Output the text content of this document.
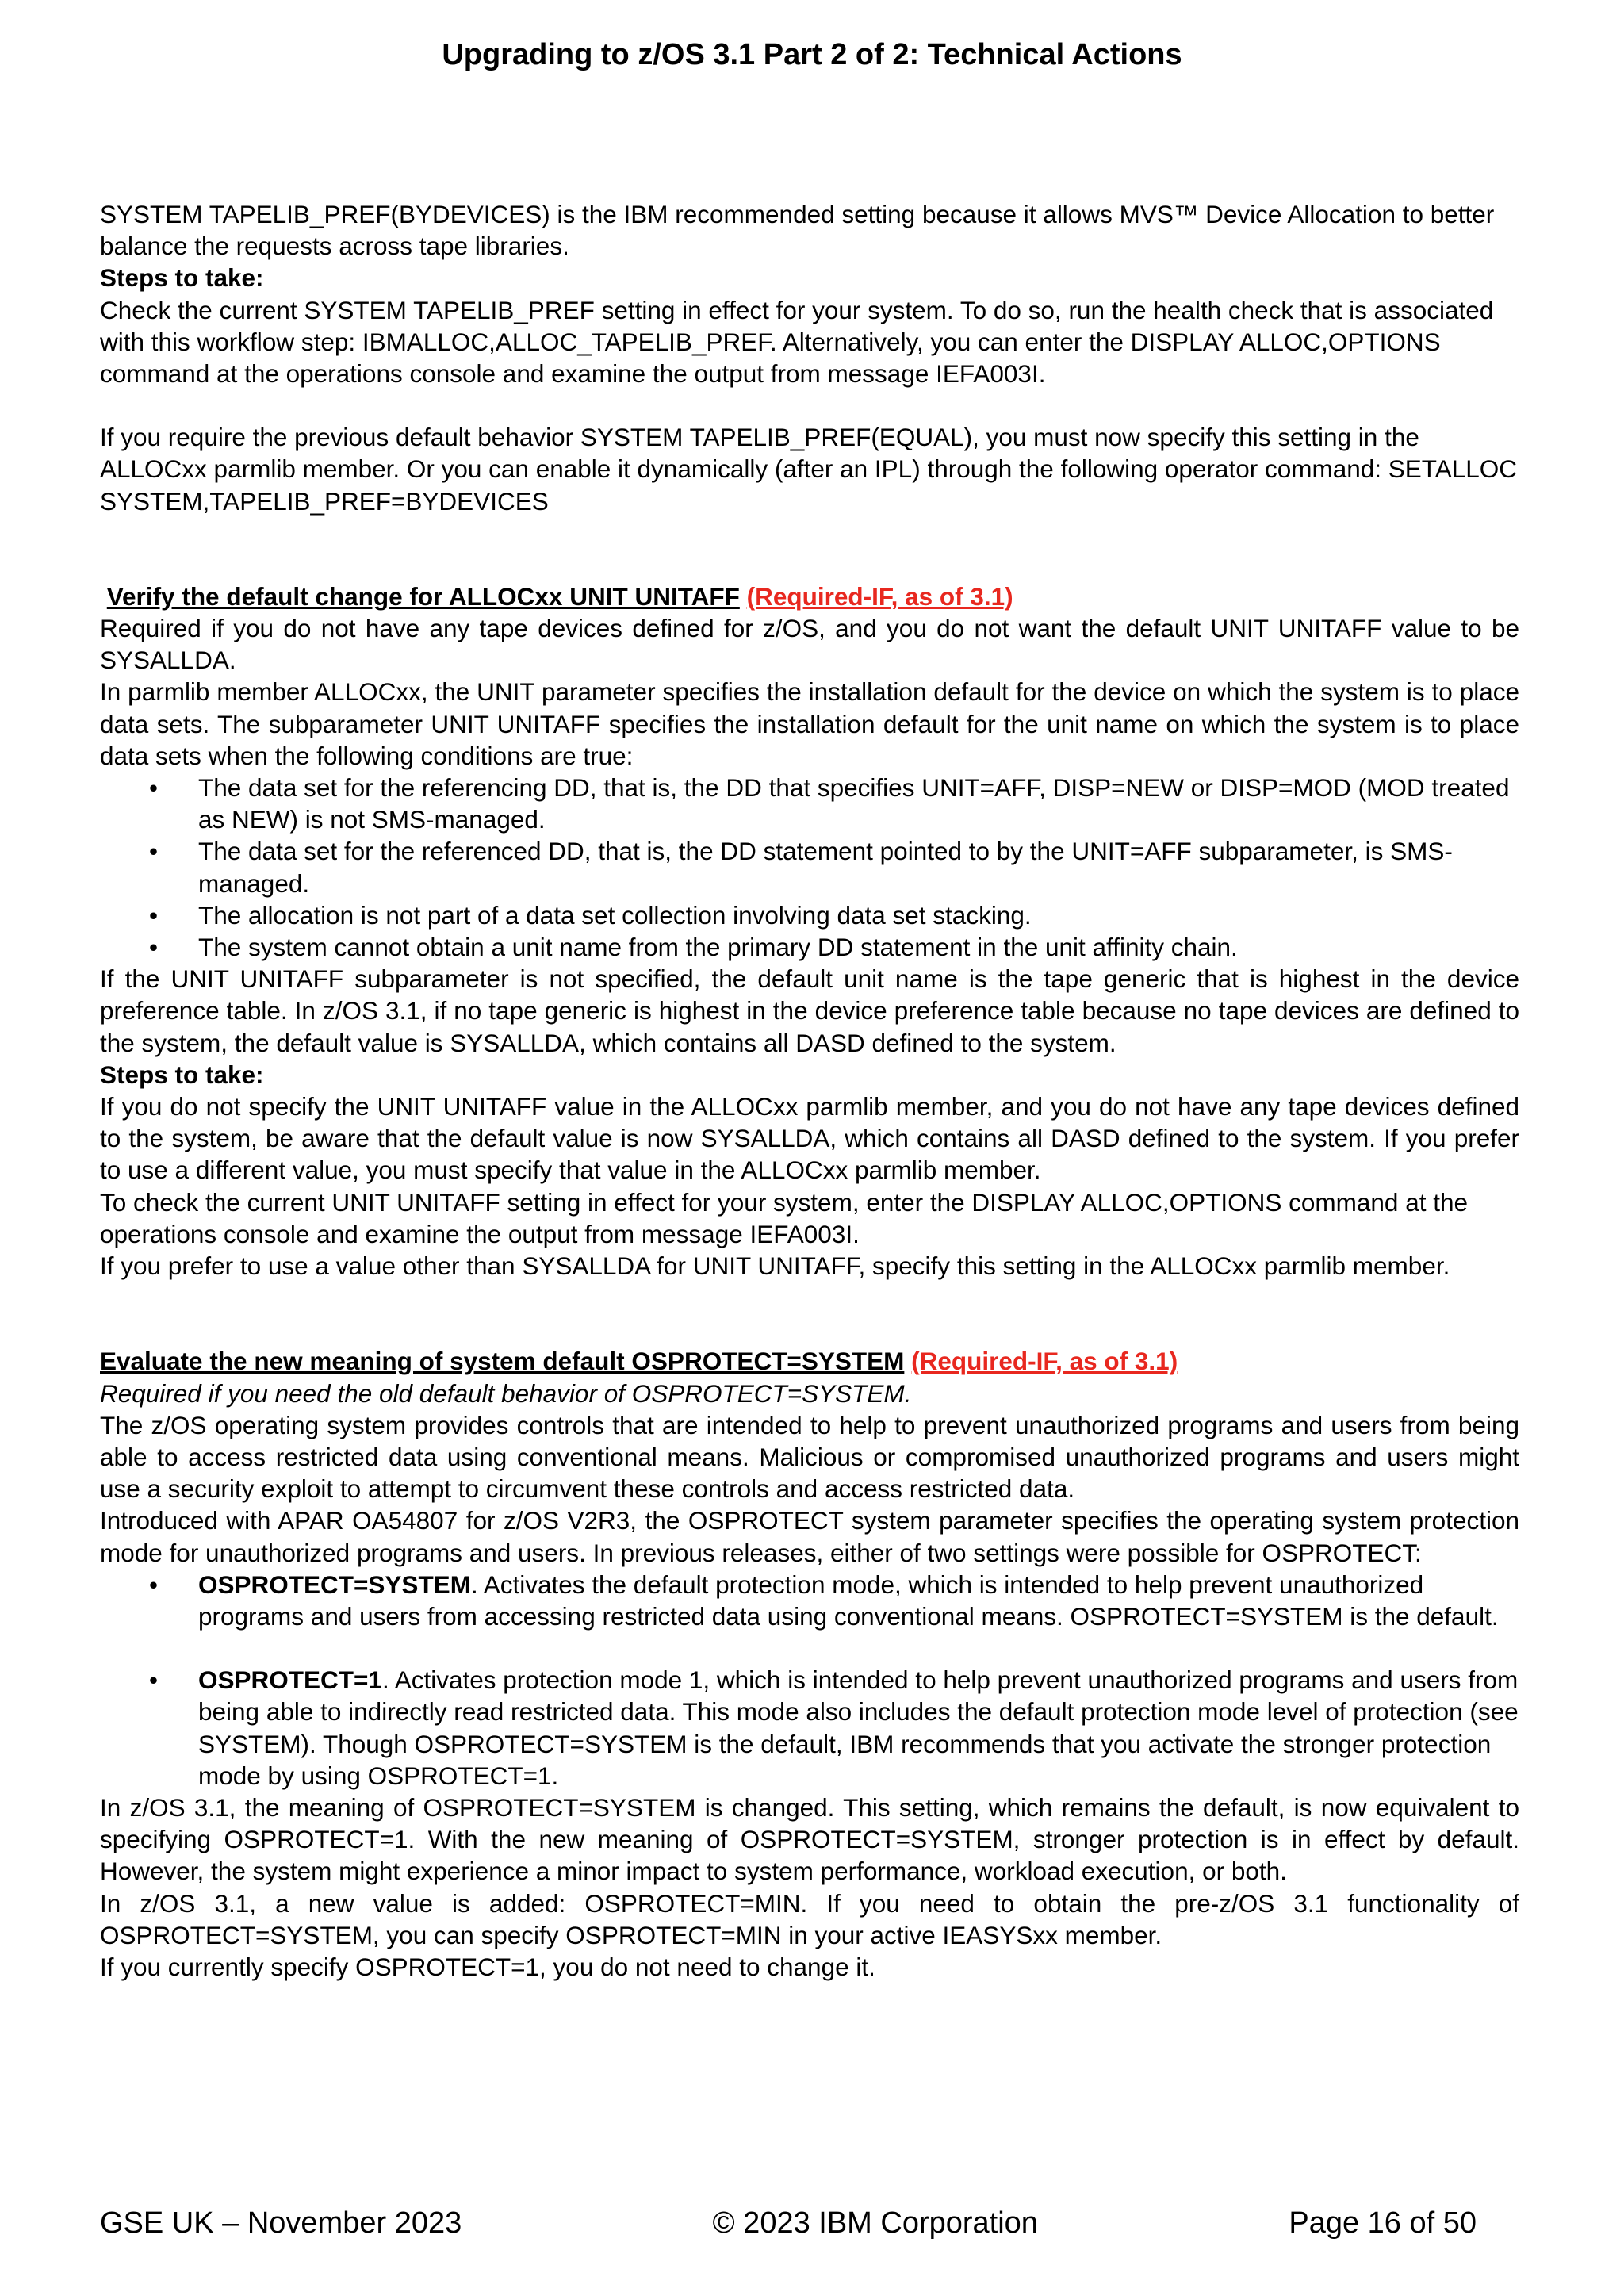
Upgrading to z/OS 3.1 Part 2 of 2: Technical Actions

SYSTEM TAPELIB_PREF(BYDEVICES) is the IBM recommended setting because it allows MVS™ Device Allocation to better balance the requests across tape libraries.

Steps to take:

Check the current SYSTEM TAPELIB_PREF setting in effect for your system. To do so, run the health check that is associated with this workflow step: IBMALLOC,ALLOC_TAPELIB_PREF. Alternatively, you can enter the DISPLAY ALLOC,OPTIONS command at the operations console and examine the output from message IEFA003I.

If you require the previous default behavior SYSTEM TAPELIB_PREF(EQUAL), you must now specify this setting in the ALLOCxx parmlib member. Or you can enable it dynamically (after an IPL) through the following operator command: SETALLOC SYSTEM,TAPELIB_PREF=BYDEVICES

Verify the default change for ALLOCxx UNIT UNITAFF (Required-IF, as of 3.1)

Required if you do not have any tape devices defined for z/OS, and you do not want the default UNIT UNITAFF value to be SYSALLDA.

In parmlib member ALLOCxx, the UNIT parameter specifies the installation default for the device on which the system is to place data sets. The subparameter UNIT UNITAFF specifies the installation default for the unit name on which the system is to place data sets when the following conditions are true:

• The data set for the referencing DD, that is, the DD that specifies UNIT=AFF, DISP=NEW or DISP=MOD (MOD treated as NEW) is not SMS-managed.
• The data set for the referenced DD, that is, the DD statement pointed to by the UNIT=AFF subparameter, is SMS-managed.
• The allocation is not part of a data set collection involving data set stacking.
• The system cannot obtain a unit name from the primary DD statement in the unit affinity chain.

If the UNIT UNITAFF subparameter is not specified, the default unit name is the tape generic that is highest in the device preference table. In z/OS 3.1, if no tape generic is highest in the device preference table because no tape devices are defined to the system, the default value is SYSALLDA, which contains all DASD defined to the system.

Steps to take:

If you do not specify the UNIT UNITAFF value in the ALLOCxx parmlib member, and you do not have any tape devices defined to the system, be aware that the default value is now SYSALLDA, which contains all DASD defined to the system. If you prefer to use a different value, you must specify that value in the ALLOCxx parmlib member.

To check the current UNIT UNITAFF setting in effect for your system, enter the DISPLAY ALLOC,OPTIONS command at the operations console and examine the output from message IEFA003I.

If you prefer to use a value other than SYSALLDA for UNIT UNITAFF, specify this setting in the ALLOCxx parmlib member.

Evaluate the new meaning of system default OSPROTECT=SYSTEM (Required-IF, as of 3.1)

Required if you need the old default behavior of OSPROTECT=SYSTEM.

The z/OS operating system provides controls that are intended to help to prevent unauthorized programs and users from being able to access restricted data using conventional means. Malicious or compromised unauthorized programs and users might use a security exploit to attempt to circumvent these controls and access restricted data.

Introduced with APAR OA54807 for z/OS V2R3, the OSPROTECT system parameter specifies the operating system protection mode for unauthorized programs and users. In previous releases, either of two settings were possible for OSPROTECT:

• OSPROTECT=SYSTEM. Activates the default protection mode, which is intended to help prevent unauthorized programs and users from accessing restricted data using conventional means. OSPROTECT=SYSTEM is the default.
• OSPROTECT=1. Activates protection mode 1, which is intended to help prevent unauthorized programs and users from being able to indirectly read restricted data. This mode also includes the default protection mode level of protection (see SYSTEM). Though OSPROTECT=SYSTEM is the default, IBM recommends that you activate the stronger protection mode by using OSPROTECT=1.

In z/OS 3.1, the meaning of OSPROTECT=SYSTEM is changed. This setting, which remains the default, is now equivalent to specifying OSPROTECT=1. With the new meaning of OSPROTECT=SYSTEM, stronger protection is in effect by default. However, the system might experience a minor impact to system performance, workload execution, or both.

In z/OS 3.1, a new value is added: OSPROTECT=MIN. If you need to obtain the pre-z/OS 3.1 functionality of OSPROTECT=SYSTEM, you can specify OSPROTECT=MIN in your active IEASYSxx member.

If you currently specify OSPROTECT=1, you do not need to change it.

GSE UK – November 2023	© 2023 IBM Corporation	Page 16 of 50
